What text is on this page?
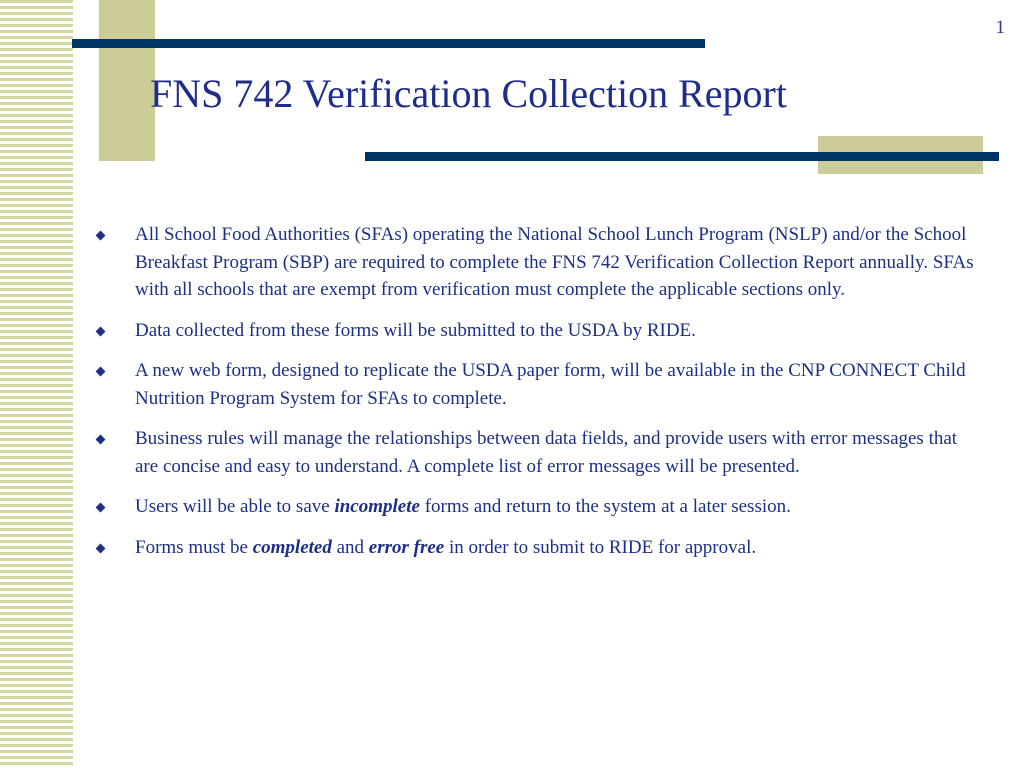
1
FNS 742 Verification Collection Report
All School Food Authorities (SFAs) operating the National School Lunch Program (NSLP) and/or the School Breakfast Program (SBP) are required to complete the FNS 742 Verification Collection Report annually. SFAs with all schools that are exempt from verification must complete the applicable sections only.
Data collected from these forms will be submitted to the USDA by RIDE.
A new web form, designed to replicate the USDA paper form, will be available in the CNP CONNECT Child Nutrition Program System for SFAs to complete.
Business rules will manage the relationships between data fields, and provide users with error messages that are concise and easy to understand. A complete list of error messages will be presented.
Users will be able to save incomplete forms and return to the system at a later session.
Forms must be completed and error free in order to submit to RIDE for approval.
